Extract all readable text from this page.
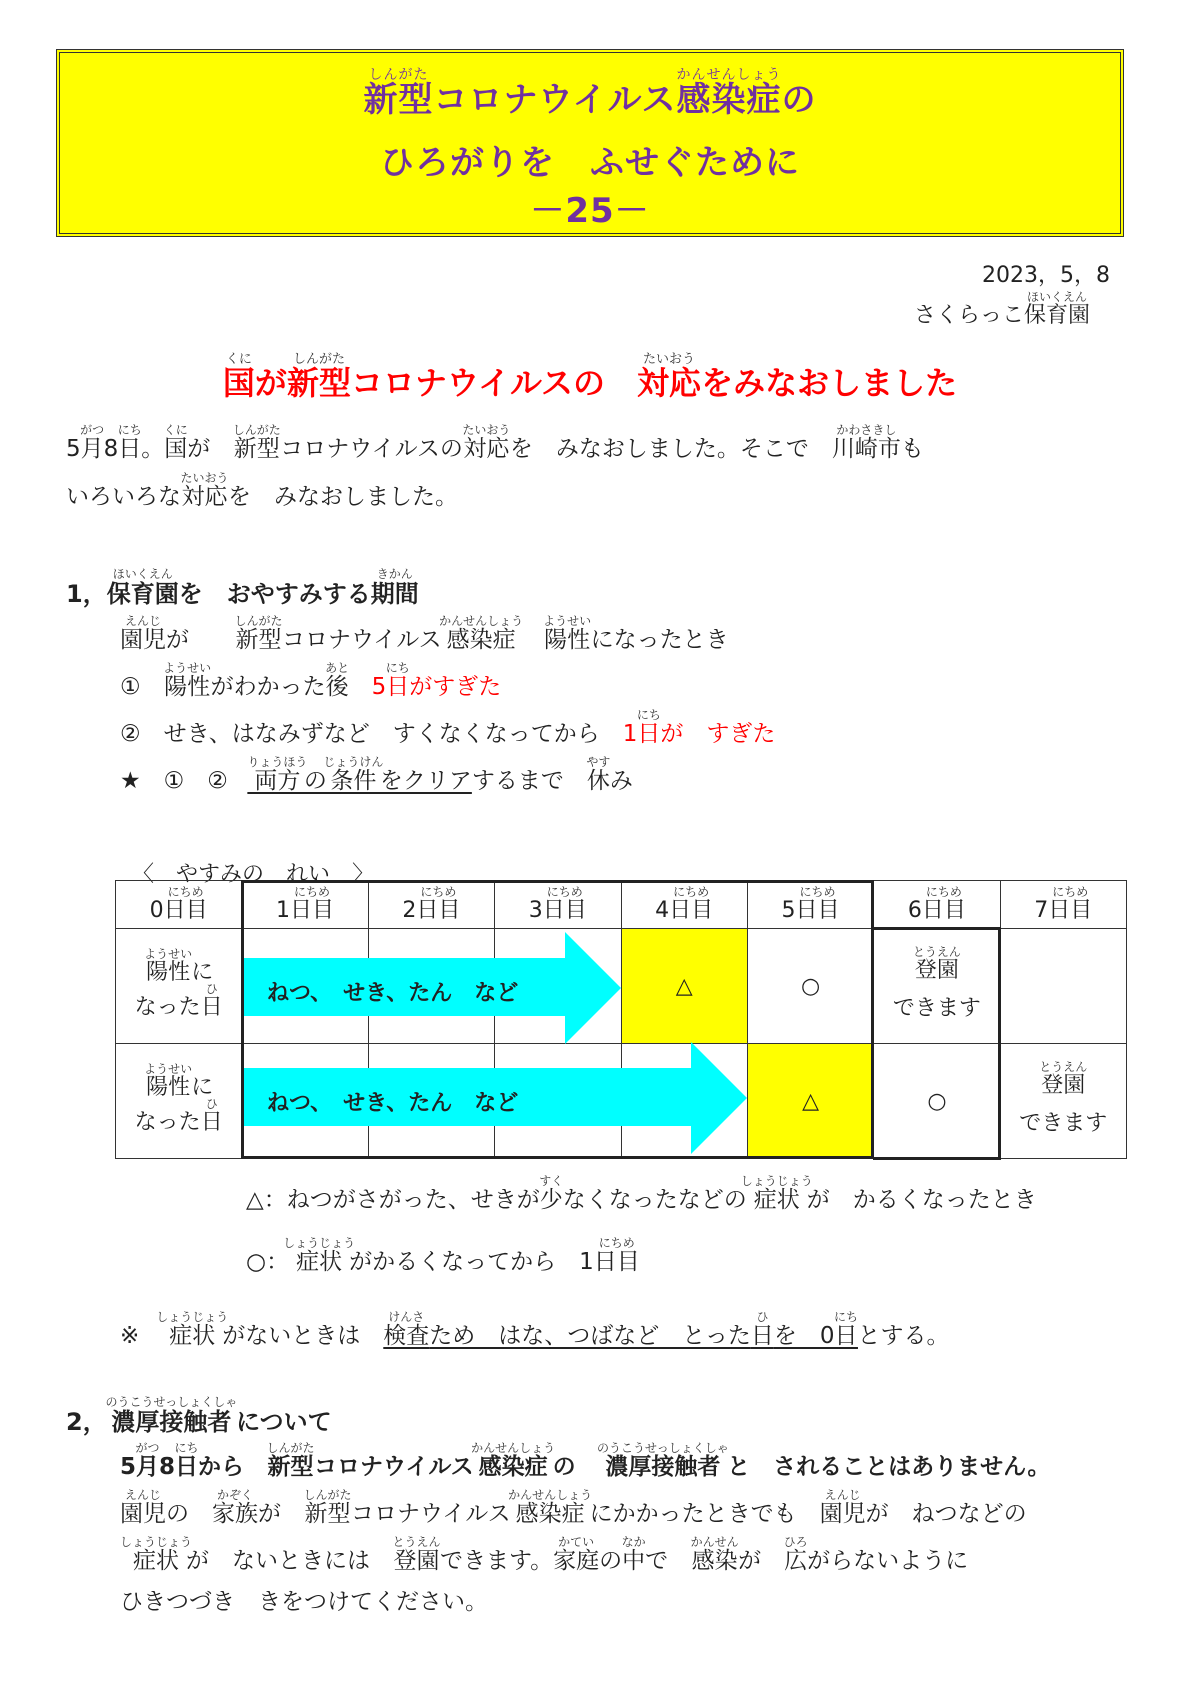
新型しんがたコロナウイルス感染症かんせんしょうの
ひろがりを　ふせぐために
－25－
2023，5，8
さくらっこ保育園ほいくえん
国くにが新型しんがたコロナウイルスの　対応たいおうをみなおしました
5月がつ8日にち。国くにが　新型しんがたコロナウイルスの対応たいおうを　みなおしました。そこで　川崎市かわさきしも
いろいろな対応たいおうを　みなおしました。
1，保育園ほいくえんを　おやすみする期間きかん
園児えんじが　　新型しんがたコロナウイルス感染症かんせんしょう　陽性ようせいになったとき
①　陽性ようせいがわかった後あと　5日にちがすぎた
②　せき、はなみずなど　すくなくなってから　1日にちが　すぎた
★　①　②　両方りょうほうの条件じょうけんをクリアするまで　休やすみ
〈　やすみの　れい　〉
0日目にちめ	1日目にちめ	2日目にちめ	3日目にちめ	4日目にちめ	5日目にちめ	6日目にちめ	7日目にちめ
陽性ようせいに
なった日ひ				△	○	登園とうえん
できます	

陽性ようせいに
なった日ひ					△	○	登園とうえん
できます
ねつ、　せき、たん　など
ねつ、　せき、たん　など
△：ねつがさがった、せきが少すくなくなったなどの症状しょうじょうが　かるくなったとき
○：症状しょうじょうがかるくなってから　1日目にちめ
※　症状しょうじょうがないときは　検査けんさため　はな、つばなど　とった日ひを　0日にちとする。
2，濃厚接触者のうこうせっしょくしゃについて
5月がつ8日にちから　新型しんがたコロナウイルス感染症かんせんしょうの　濃厚接触者のうこうせっしょくしゃと　されることはありません。
園児えんじの　家族かぞくが　新型しんがたコロナウイルス感染症かんせんしょうにかかったときでも　園児えんじが　ねつなどの
症状しょうじょうが　ないときには　登園とうえんできます。家庭かていの中なかで　感染かんせんが　広ひろがらないように
ひきつづき　きをつけてください。
